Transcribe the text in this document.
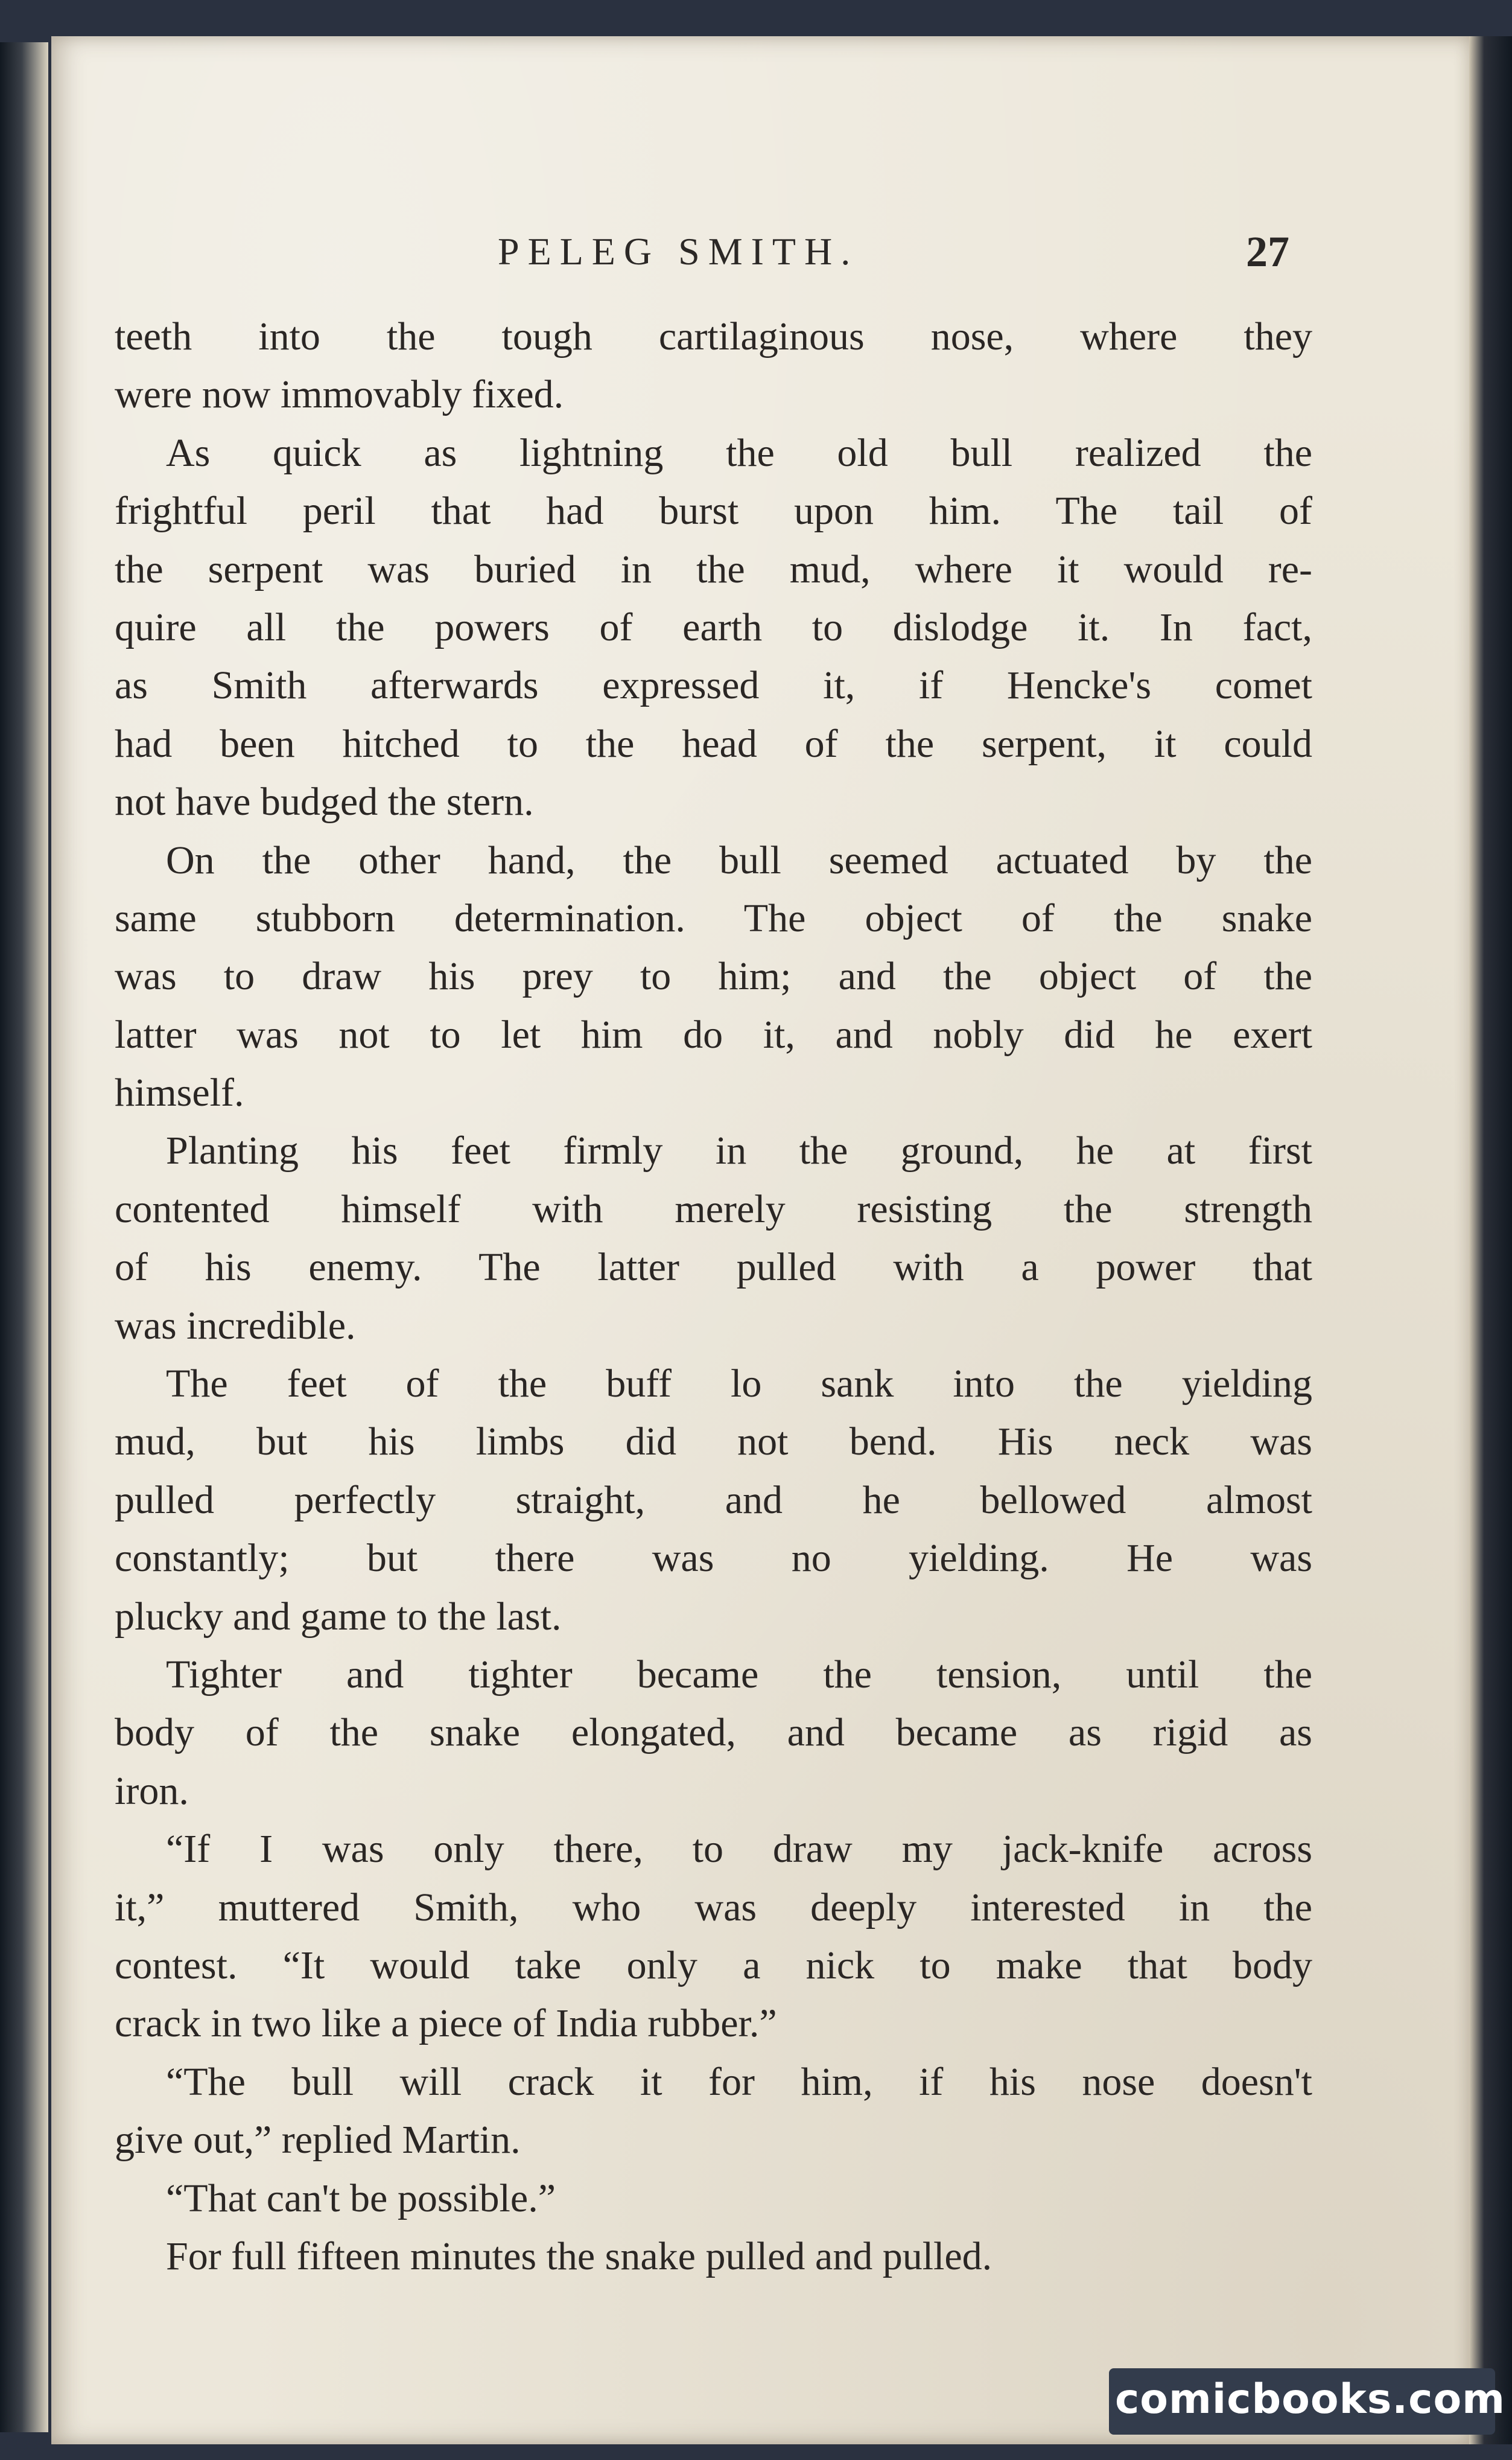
PELEG SMITH.	27
teeth into the tough cartilaginous nose, where they
were now immovably fixed.
As quick as lightning the old bull realized the
frightful peril that had burst upon him. The tail of
the serpent was buried in the mud, where it would re-
quire all the powers of earth to dislodge it. In fact,
as Smith afterwards expressed it, if Hencke's comet
had been hitched to the head of the serpent, it could
not have budged the stern.
On the other hand, the bull seemed actuated by the
same stubborn determination. The object of the snake
was to draw his prey to him; and the object of the
latter was not to let him do it, and nobly did he exert
himself.
Planting his feet firmly in the ground, he at first
contented himself with merely resisting the strength
of his enemy. The latter pulled with a power that
was incredible.
The feet of the buff lo sank into the yielding
mud, but his limbs did not bend. His neck was
pulled perfectly straight, and he bellowed almost
constantly; but there was no yielding. He was
plucky and game to the last.
Tighter and tighter became the tension, until the
body of the snake elongated, and became as rigid as
iron.
“If I was only there, to draw my jack-knife across
it,” muttered Smith, who was deeply interested in the
contest. “It would take only a nick to make that body
crack in two like a piece of India rubber.”
“The bull will crack it for him, if his nose doesn't
give out,” replied Martin.
“That can't be possible.”
For full fifteen minutes the snake pulled and pulled.
comicbooks.com
